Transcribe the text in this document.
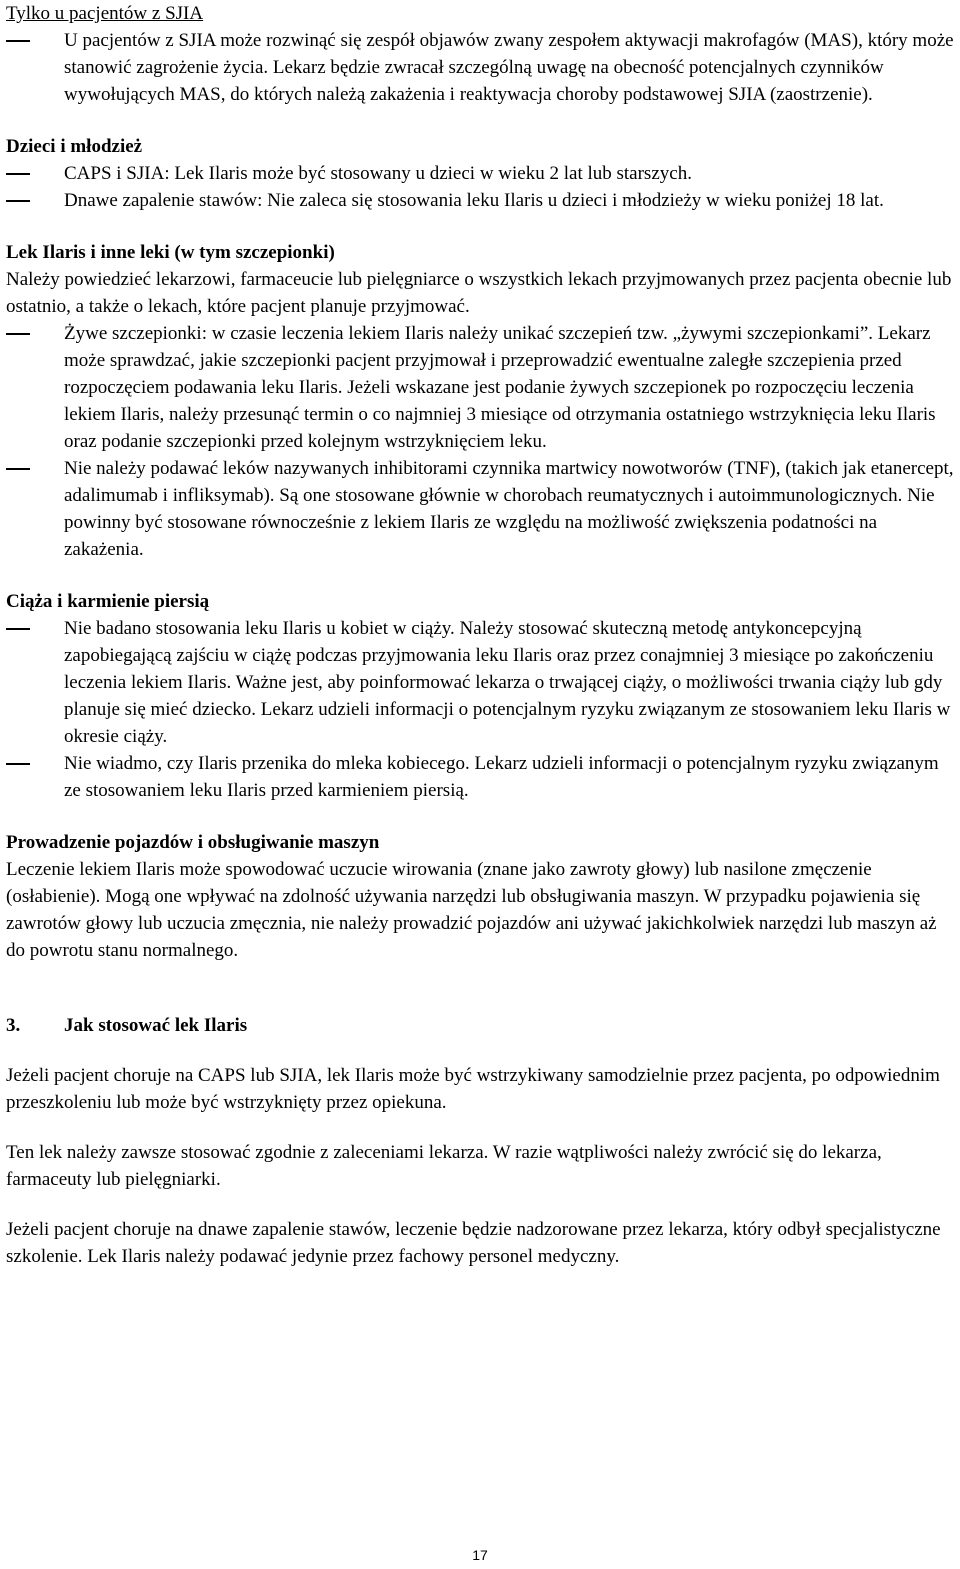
Tylko u pacjentów z SJIA

U pacjentów z SJIA może rozwinąć się zespół objawów zwany zespołem aktywacji makrofagów (MAS), który może stanowić zagrożenie życia. Lekarz będzie zwracał szczególną uwagę na obecność potencjalnych czynników wywołujących MAS, do których należą zakażenia i reaktywacja choroby podstawowej SJIA (zaostrzenie).

Dzieci i młodzież

CAPS i SJIA: Lek Ilaris może być stosowany u dzieci w wieku 2 lat lub starszych.
Dnawe zapalenie stawów: Nie zaleca się stosowania leku Ilaris u dzieci i młodzieży w wieku poniżej 18 lat.

Lek Ilaris i inne leki (w tym szczepionki)

Należy powiedzieć lekarzowi, farmaceucie lub pielęgniarce o wszystkich lekach przyjmowanych przez pacjenta obecnie lub ostatnio, a także o lekach, które pacjent planuje przyjmować.

Żywe szczepionki: w czasie leczenia lekiem Ilaris należy unikać szczepień tzw. „żywymi szczepionkami”. Lekarz może sprawdzać, jakie szczepionki pacjent przyjmował i przeprowadzić ewentualne zaległe szczepienia przed rozpoczęciem podawania leku Ilaris. Jeżeli wskazane jest podanie żywych szczepionek po rozpoczęciu leczenia lekiem Ilaris, należy przesunąć termin o co najmniej 3 miesiące od otrzymania ostatniego wstrzyknięcia leku Ilaris oraz podanie szczepionki przed kolejnym wstrzyknięciem leku.
Nie należy podawać leków nazywanych inhibitorami czynnika martwicy nowotworów (TNF), (takich jak etanercept, adalimumab i infliksymab). Są one stosowane głównie w chorobach reumatycznych i autoimmunologicznych. Nie powinny być stosowane równocześnie z lekiem Ilaris ze względu na możliwość zwiększenia podatności na zakażenia.

Ciąża i karmienie piersią

Nie badano stosowania leku Ilaris u kobiet w ciąży. Należy stosować skuteczną metodę antykoncepcyjną zapobiegającą zajściu w ciążę podczas przyjmowania leku Ilaris oraz przez conajmniej 3 miesiące po zakończeniu leczenia lekiem Ilaris. Ważne jest, aby poinformować lekarza o trwającej ciąży, o możliwości trwania ciąży lub gdy planuje się mieć dziecko. Lekarz udzieli informacji o potencjalnym ryzyku związanym ze stosowaniem leku Ilaris w okresie ciąży.
Nie wiadmo, czy Ilaris przenika do mleka kobiecego. Lekarz udzieli informacji o potencjalnym ryzyku związanym ze stosowaniem leku Ilaris przed karmieniem piersią.

Prowadzenie pojazdów i obsługiwanie maszyn

Leczenie lekiem Ilaris może spowodować uczucie wirowania (znane jako zawroty głowy) lub nasilone zmęczenie (osłabienie). Mogą one wpływać na zdolność używania narzędzi lub obsługiwania maszyn. W przypadku pojawienia się zawrotów głowy lub uczucia zmęcznia, nie należy prowadzić pojazdów ani używać jakichkolwiek narzędzi lub maszyn aż do powrotu stanu normalnego.

3. Jak stosować lek Ilaris

Jeżeli pacjent choruje na CAPS lub SJIA, lek Ilaris może być wstrzykiwany samodzielnie przez pacjenta, po odpowiednim przeszkoleniu lub może być wstrzyknięty przez opiekuna.

Ten lek należy zawsze stosować zgodnie z zaleceniami lekarza. W razie wątpliwości należy zwrócić się do lekarza, farmaceuty lub pielęgniarki.

Jeżeli pacjent choruje na dnawe zapalenie stawów, leczenie będzie nadzorowane przez lekarza, który odbył specjalistyczne szkolenie. Lek Ilaris należy podawać jedynie przez fachowy personel medyczny.

17
